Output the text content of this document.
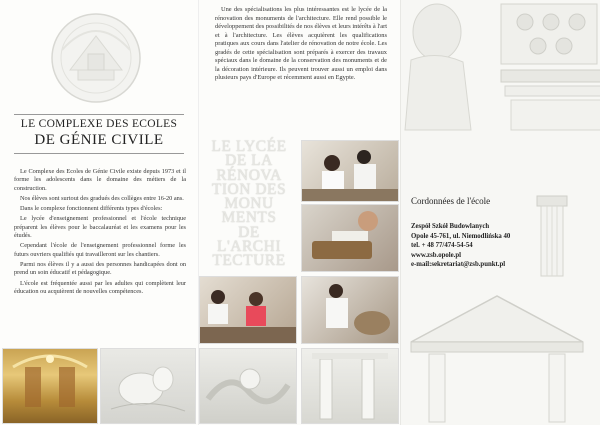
LE COMPLEXE DES ECOLES
DE GÉNIE CIVILE

Le Complexe des Ecoles de Génie Civile existe depuis 1973 et il forme les adolescents dans le domaine des métiers de la construction.

Nos élèves sont surtout des gradués des collèges entre 16-20 ans.

Dans le complexe fonctionnent différents types d'écoles:

Le lycée d'enseignement professionnel et l'école technique préparent les élèves pour le baccalauréat et les examens pour les étudés.

Cependant l'école de l'enseignement professionnel forme les futurs ouvriers qualifiés qui travailleront sur les chantiers.

Parmi nos élèves il y a aussi des personnes handicapées dont on prend un soin éducatif et pédagogique.

L'école est fréquentée aussi par les adultes qui complètent leur éducation ou acquièrent de nouvelles compétences.

Une des spécialisations les plus intéressantes est le lycée de la rénovation des monuments de l'architecture. Elle rend possible le développement des possibilités de nos élèves et leurs intérêts à l'art et à l'architecture. Les élèves acquièrent les qualifications pratiques aux cours dans l'atelier de rénovation de notre école. Les gradés de cette spécialisation sont préparés à exercer des travaux spéciaux dans le domaine de la conservation des monuments et de la décoration intérieure. Ils peuvent trouver aussi un emploi dans plusieurs pays d'Europe et récemment aussi en Egypte.

LE LYCÉE
DE LA
RÉNOVA
TION DES
MONU
MENTS
DE
L'ARCHI
TECTURE
Cordonnées de l'école
Zespół Szkół Budowlanych
Opole 45-761, ul. Niemodlińska 40
tel. + 48 77/474-54-54
www.zsb.opole.pl
e-mail:sekretariat@zsb.punkt.pl
